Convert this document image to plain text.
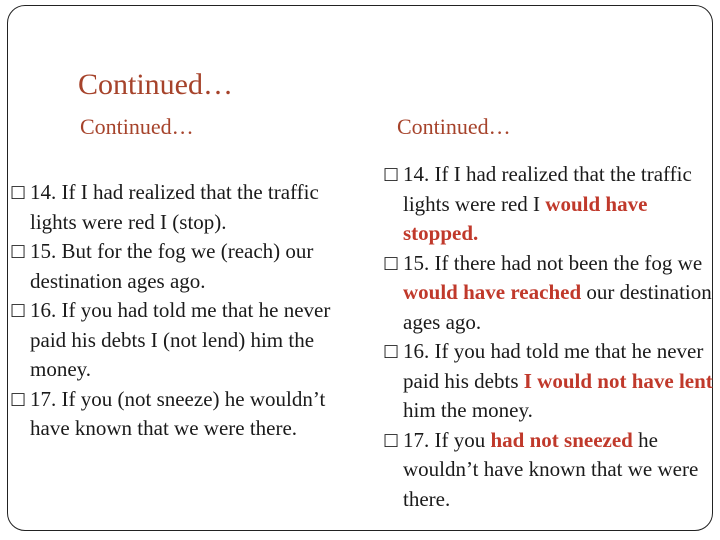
Continued…
Continued…	Continued…
□ 14. If I had realized that the traffic lights were red I (stop).
□ 15. But for the fog we (reach) our destination ages ago.
□ 16. If you had told me that he never paid his debts I (not lend) him the money.
□ 17. If you (not sneeze) he wouldn’t have known that we were there.
□ 14. If I had realized that the traffic lights were red I would have stopped.
□ 15. If there had not been the fog we would have reached our destination ages ago.
□ 16. If you had told me that he never paid his debts I would not have lent him the money.
□ 17. If you had not sneezed he wouldn’t have known that we were there.
